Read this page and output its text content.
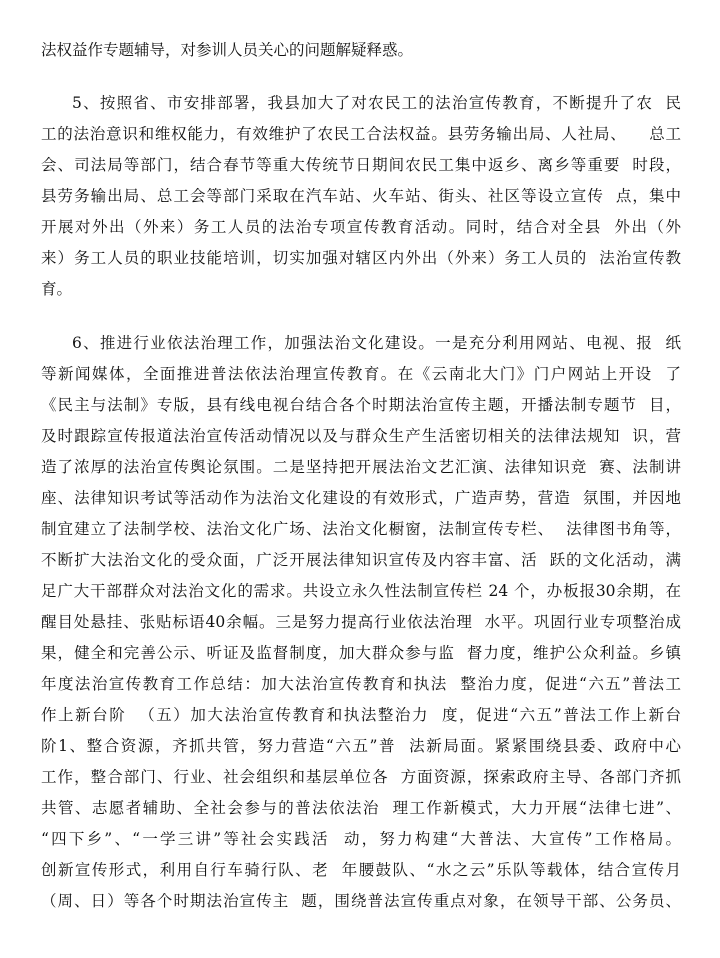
法权益作专题辅导，对参训人员关心的问题解疑释惑。
5、按照省、市安排部署，我县加大了对农民工的法治宣传教育，不断提升了农  民
工的法治意识和维权能力，有效维护了农民工合法权益。县劳务输出局、人社局、    总工
会、司法局等部门，结合春节等重大传统节日期间农民工集中返乡、离乡等重要  时段，
县劳务输出局、总工会等部门采取在汽车站、火车站、街头、社区等设立宣传  点，集中
开展对外出（外来）务工人员的法治专项宣传教育活动。同时，结合对全县  外出（外
来）务工人员的职业技能培训，切实加强对辖区内外出（外来）务工人员的  法治宣传教
育。
6、推进行业依法治理工作，加强法治文化建设。一是充分利用网站、电视、报  纸
等新闻媒体，全面推进普法依法治理宣传教育。在《云南北大门》门户网站上开设  了
《民主与法制》专版，县有线电视台结合各个时期法治宣传主题，开播法制专题节  目，
及时跟踪宣传报道法治宣传活动情况以及与群众生产生活密切相关的法律法规知  识，营
造了浓厚的法治宣传舆论氛围。二是坚持把开展法治文艺汇演、法律知识竞  赛、法制讲
座、法律知识考试等活动作为法治文化建设的有效形式，广造声势，营造  氛围，并因地
制宜建立了法制学校、法治文化广场、法治文化橱窗，法制宣传专栏、  法律图书角等，
不断扩大法治文化的受众面，广泛开展法律知识宣传及内容丰富、活  跃的文化活动，满
足广大干部群众对法治文化的需求。共设立永久性法制宣传栏 24 个，办板报30余期，在
醒目处悬挂、张贴标语40余幅。三是努力提高行业依法治理  水平。巩固行业专项整治成
果，健全和完善公示、听证及监督制度，加大群众参与监  督力度，维护公众利益。乡镇
年度法治宣传教育工作总结：加大法治宣传教育和执法  整治力度，促进“六五”普法工
作上新台阶  （五）加大法治宣传教育和执法整治力  度，促进“六五”普法工作上新台
阶1、整合资源，齐抓共管，努力营造“六五”普  法新局面。紧紧围绕县委、政府中心
工作，整合部门、行业、社会组织和基层单位各  方面资源，探索政府主导、各部门齐抓
共管、志愿者辅助、全社会参与的普法依法治  理工作新模式，大力开展“法律七进”、
“四下乡”、“一学三讲”等社会实践活  动，努力构建“大普法、大宣传”工作格局。
创新宣传形式，利用自行车骑行队、老  年腰鼓队、“水之云”乐队等载体，结合宣传月
（周、日）等各个时期法治宣传主  题，围绕普法宣传重点对象，在领导干部、公务员、
